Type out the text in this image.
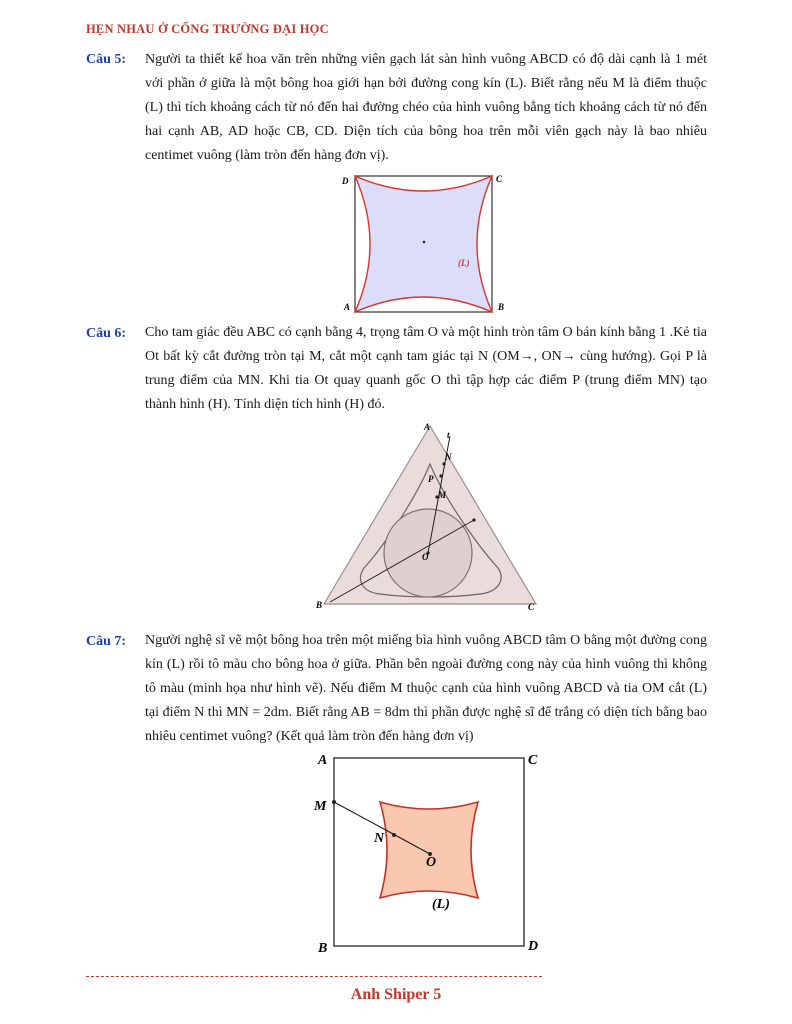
HẸN NHAU Ở CỔNG TRƯỜNG ĐẠI HỌC
Câu 5: Người ta thiết kế hoa văn trên những viên gạch lát sàn hình vuông ABCD có độ dài cạnh là 1 mét với phần ở giữa là một bông hoa giới hạn bởi đường cong kín (L). Biết rằng nếu M là điểm thuộc (L) thì tích khoảng cách từ nó đến hai đường chéo của hình vuông bằng tích khoảng cách từ nó đến hai cạnh AB, AD hoặc CB, CD. Diện tích của bông hoa trên mỗi viên gạch này là bao nhiêu centimet vuông (làm tròn đến hàng đơn vị).

D	C
A	B
(L)
Câu 6: Cho tam giác đều ABC có cạnh bằng 4, trọng tâm O và một hình tròn tâm O bán kính bằng 1 .Kẻ tia Ot bất kỳ cắt đường tròn tại M, cắt một cạnh tam giác tại N (OM→, ON→ cùng hướng). Gọi P là trung điểm của MN. Khi tia Ot quay quanh gốc O thì tập hợp các điểm P (trung điểm MN) tạo thành hình (H). Tính diện tích hình (H) đó.

A
B	C
O
M
P
N
t
Câu 7: Người nghệ sĩ vẽ một bông hoa trên một miếng bìa hình vuông ABCD tâm O bằng một đường cong kín (L) rồi tô màu cho bông hoa ở giữa. Phần bên ngoài đường cong này của hình vuông thì không tô màu (minh họa như hình vẽ). Nếu điểm M thuộc cạnh của hình vuông ABCD và tia OM cắt (L) tại điểm N thì MN = 2dm. Biết rằng AB = 8dm thì phần được nghệ sĩ để trắng có diện tích bằng bao nhiêu centimet vuông? (Kết quả làm tròn đến hàng đơn vị)

A	C
B	D
M
N
O
(L)
Anh Shiper 5
